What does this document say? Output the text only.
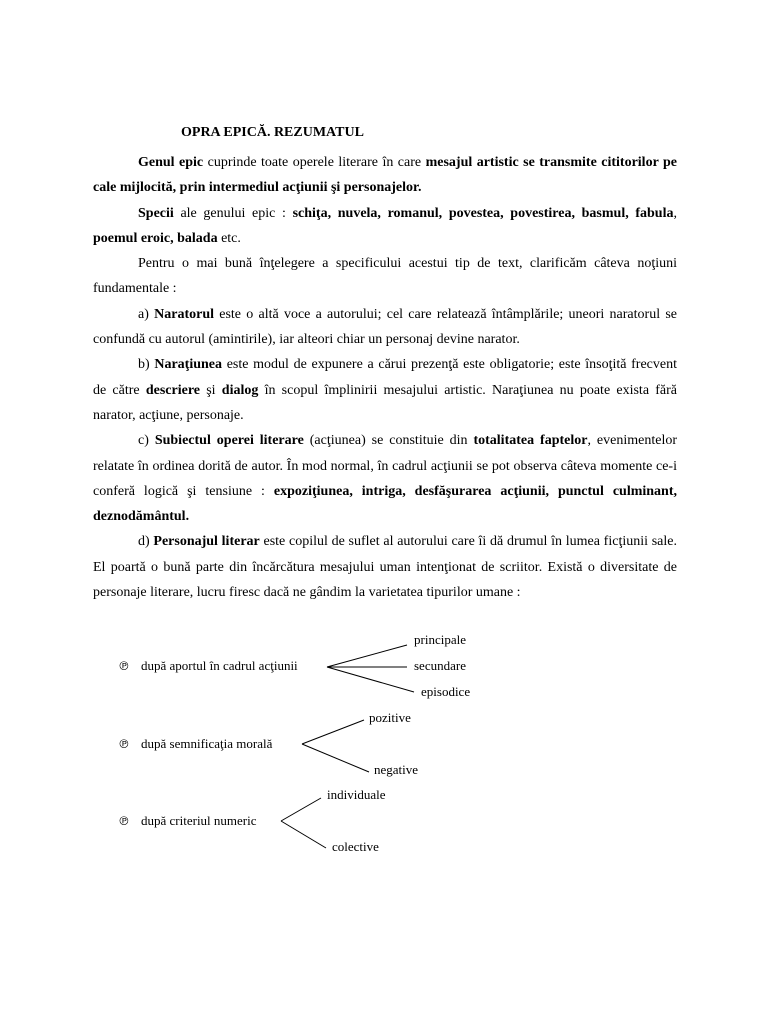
OPRA EPICĂ. REZUMATUL

Genul epic cuprinde toate operele literare în care mesajul artistic se transmite cititorilor pe cale mijlocită, prin intermediul acţiunii şi personajelor.

Specii ale genului epic : schiţa, nuvela, romanul, povestea, povestirea, basmul, fabula, poemul eroic, balada etc.

Pentru o mai bună înţelegere a specificului acestui tip de text, clarificăm câteva noţiuni fundamentale :

a) Naratorul este o altă voce a autorului; cel care relatează întâmplările; uneori naratorul se confundă cu autorul (amintirile), iar alteori chiar un personaj devine narator.

b) Naraţiunea este modul de expunere a cărui prezenţă este obligatorie; este însoţită frecvent de către descriere şi dialog în scopul împlinirii mesajului artistic. Naraţiunea nu poate exista fără narator, acţiune, personaje.

c) Subiectul operei literare (acţiunea) se constituie din totalitatea faptelor, evenimentelor relatate în ordinea dorită de autor. În mod normal, în cadrul acţiunii se pot observa câteva momente ce-i conferă logică şi tensiune : expoziţiunea, intriga, desfăşurarea acţiunii, punctul culminant, deznodământul.

d) Personajul literar este copilul de suflet al autorului care îi dă drumul în lumea ficţiunii sale. El poartă o bună parte din încărcătura mesajului uman intenţionat de scriitor. Există o diversitate de personaje literare, lucru firesc dacă ne gândim la varietatea tipurilor umane :

℗ după aportul în cadrul acţiunii
principale
secundare
episodice
℗ după semnificaţia morală
pozitive
negative
℗ după criteriul numeric
individuale
colective
